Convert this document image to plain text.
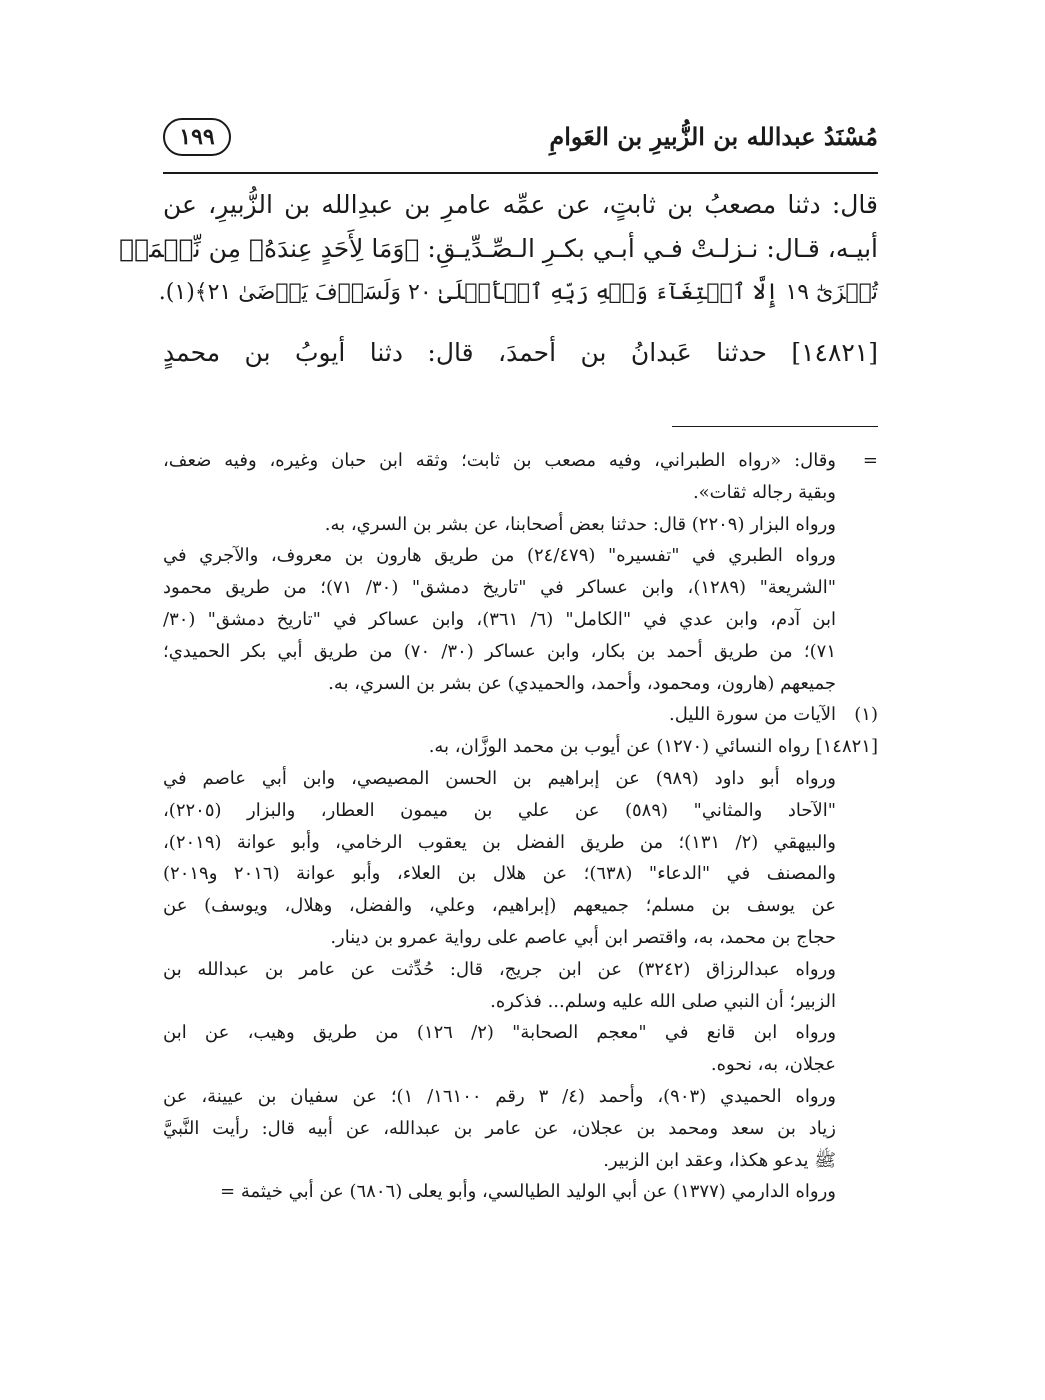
مُسْنَدُ عبدالله بن الزُّبيرِ بن العَوامِ
١٩٩
قال: دثنا مصعبُ بن ثابتٍ، عن عمِّه عامرِ بن عبدِالله بن الزُّبيرِ، عن
أبيـه، قـال: نـزلـتْ فـي أبـي بكـرِ الـصِّـدِّيـقِ: ﴿وَمَا لِأَحَدٍ عِندَهُۥ مِن نِّعۡمَةٖ
تُجۡزَىٰٓ ١٩ إِلَّا ٱبۡتِغَآءَ وَجۡهِ رَبِّهِ ٱلۡأَعۡلَىٰ ٢٠ وَلَسَوۡفَ يَرۡضَىٰ ٢١﴾(١).
[١٤٨٢١] حدثنا عَبدانُ بن أحمدَ، قال: دثنا أيوبُ بن محمدٍ
=وقال: «رواه الطبراني، وفيه مصعب بن ثابت؛ وثقه ابن حبان وغيره، وفيه ضعف،
وبقية رجاله ثقات».
ورواه البزار (٢٢٠٩) قال: حدثنا بعض أصحابنا، عن بشر بن السري، به.
ورواه الطبري في "تفسيره" (٢٤/٤٧٩) من طريق هارون بن معروف، والآجري في
"الشريعة" (١٢٨٩)، وابن عساكر في "تاريخ دمشق" (٣٠/ ٧١)؛ من طريق محمود
ابن آدم، وابن عدي في "الكامل" (٦/ ٣٦١)، وابن عساكر في "تاريخ دمشق" (٣٠/
٧١)؛ من طريق أحمد بن بكار، وابن عساكر (٣٠/ ٧٠) من طريق أبي بكر الحميدي؛
جميعهم (هارون، ومحمود، وأحمد، والحميدي) عن بشر بن السري، به.
(١)الآيات من سورة الليل.
[١٤٨٢١] رواه النسائي (١٢٧٠) عن أيوب بن محمد الوزَّان، به.
ورواه أبو داود (٩٨٩) عن إبراهيم بن الحسن المصيصي، وابن أبي عاصم في
"الآحاد والمثاني" (٥٨٩) عن علي بن ميمون العطار، والبزار (٢٢٠٥)،
والبيهقي (٢/ ١٣١)؛ من طريق الفضل بن يعقوب الرخامي، وأبو عوانة (٢٠١٩)،
والمصنف في "الدعاء" (٦٣٨)؛ عن هلال بن العلاء، وأبو عوانة (٢٠١٦ و٢٠١٩)
عن يوسف بن مسلم؛ جميعهم (إبراهيم، وعلي، والفضل، وهلال، ويوسف) عن
حجاج بن محمد، به، واقتصر ابن أبي عاصم على رواية عمرو بن دينار.
ورواه عبدالرزاق (٣٢٤٢) عن ابن جريج، قال: حُدِّثت عن عامر بن عبدالله بن
الزبير؛ أن النبي صلى الله عليه وسلم... فذكره.
ورواه ابن قانع في "معجم الصحابة" (٢/ ١٢٦) من طريق وهيب، عن ابن
عجلان، به، نحوه.
ورواه الحميدي (٩٠٣)، وأحمد (٤/ ٣ رقم ١٦١٠٠/ ١)؛ عن سفيان بن عيينة، عن
زياد بن سعد ومحمد بن عجلان، عن عامر بن عبدالله، عن أبيه قال: رأيت النَّبيَّ
ﷺ يدعو هكذا، وعقد ابن الزبير.
ورواه الدارمي (١٣٧٧) عن أبي الوليد الطيالسي، وأبو يعلى (٦٨٠٦) عن أبي خيثمة =
